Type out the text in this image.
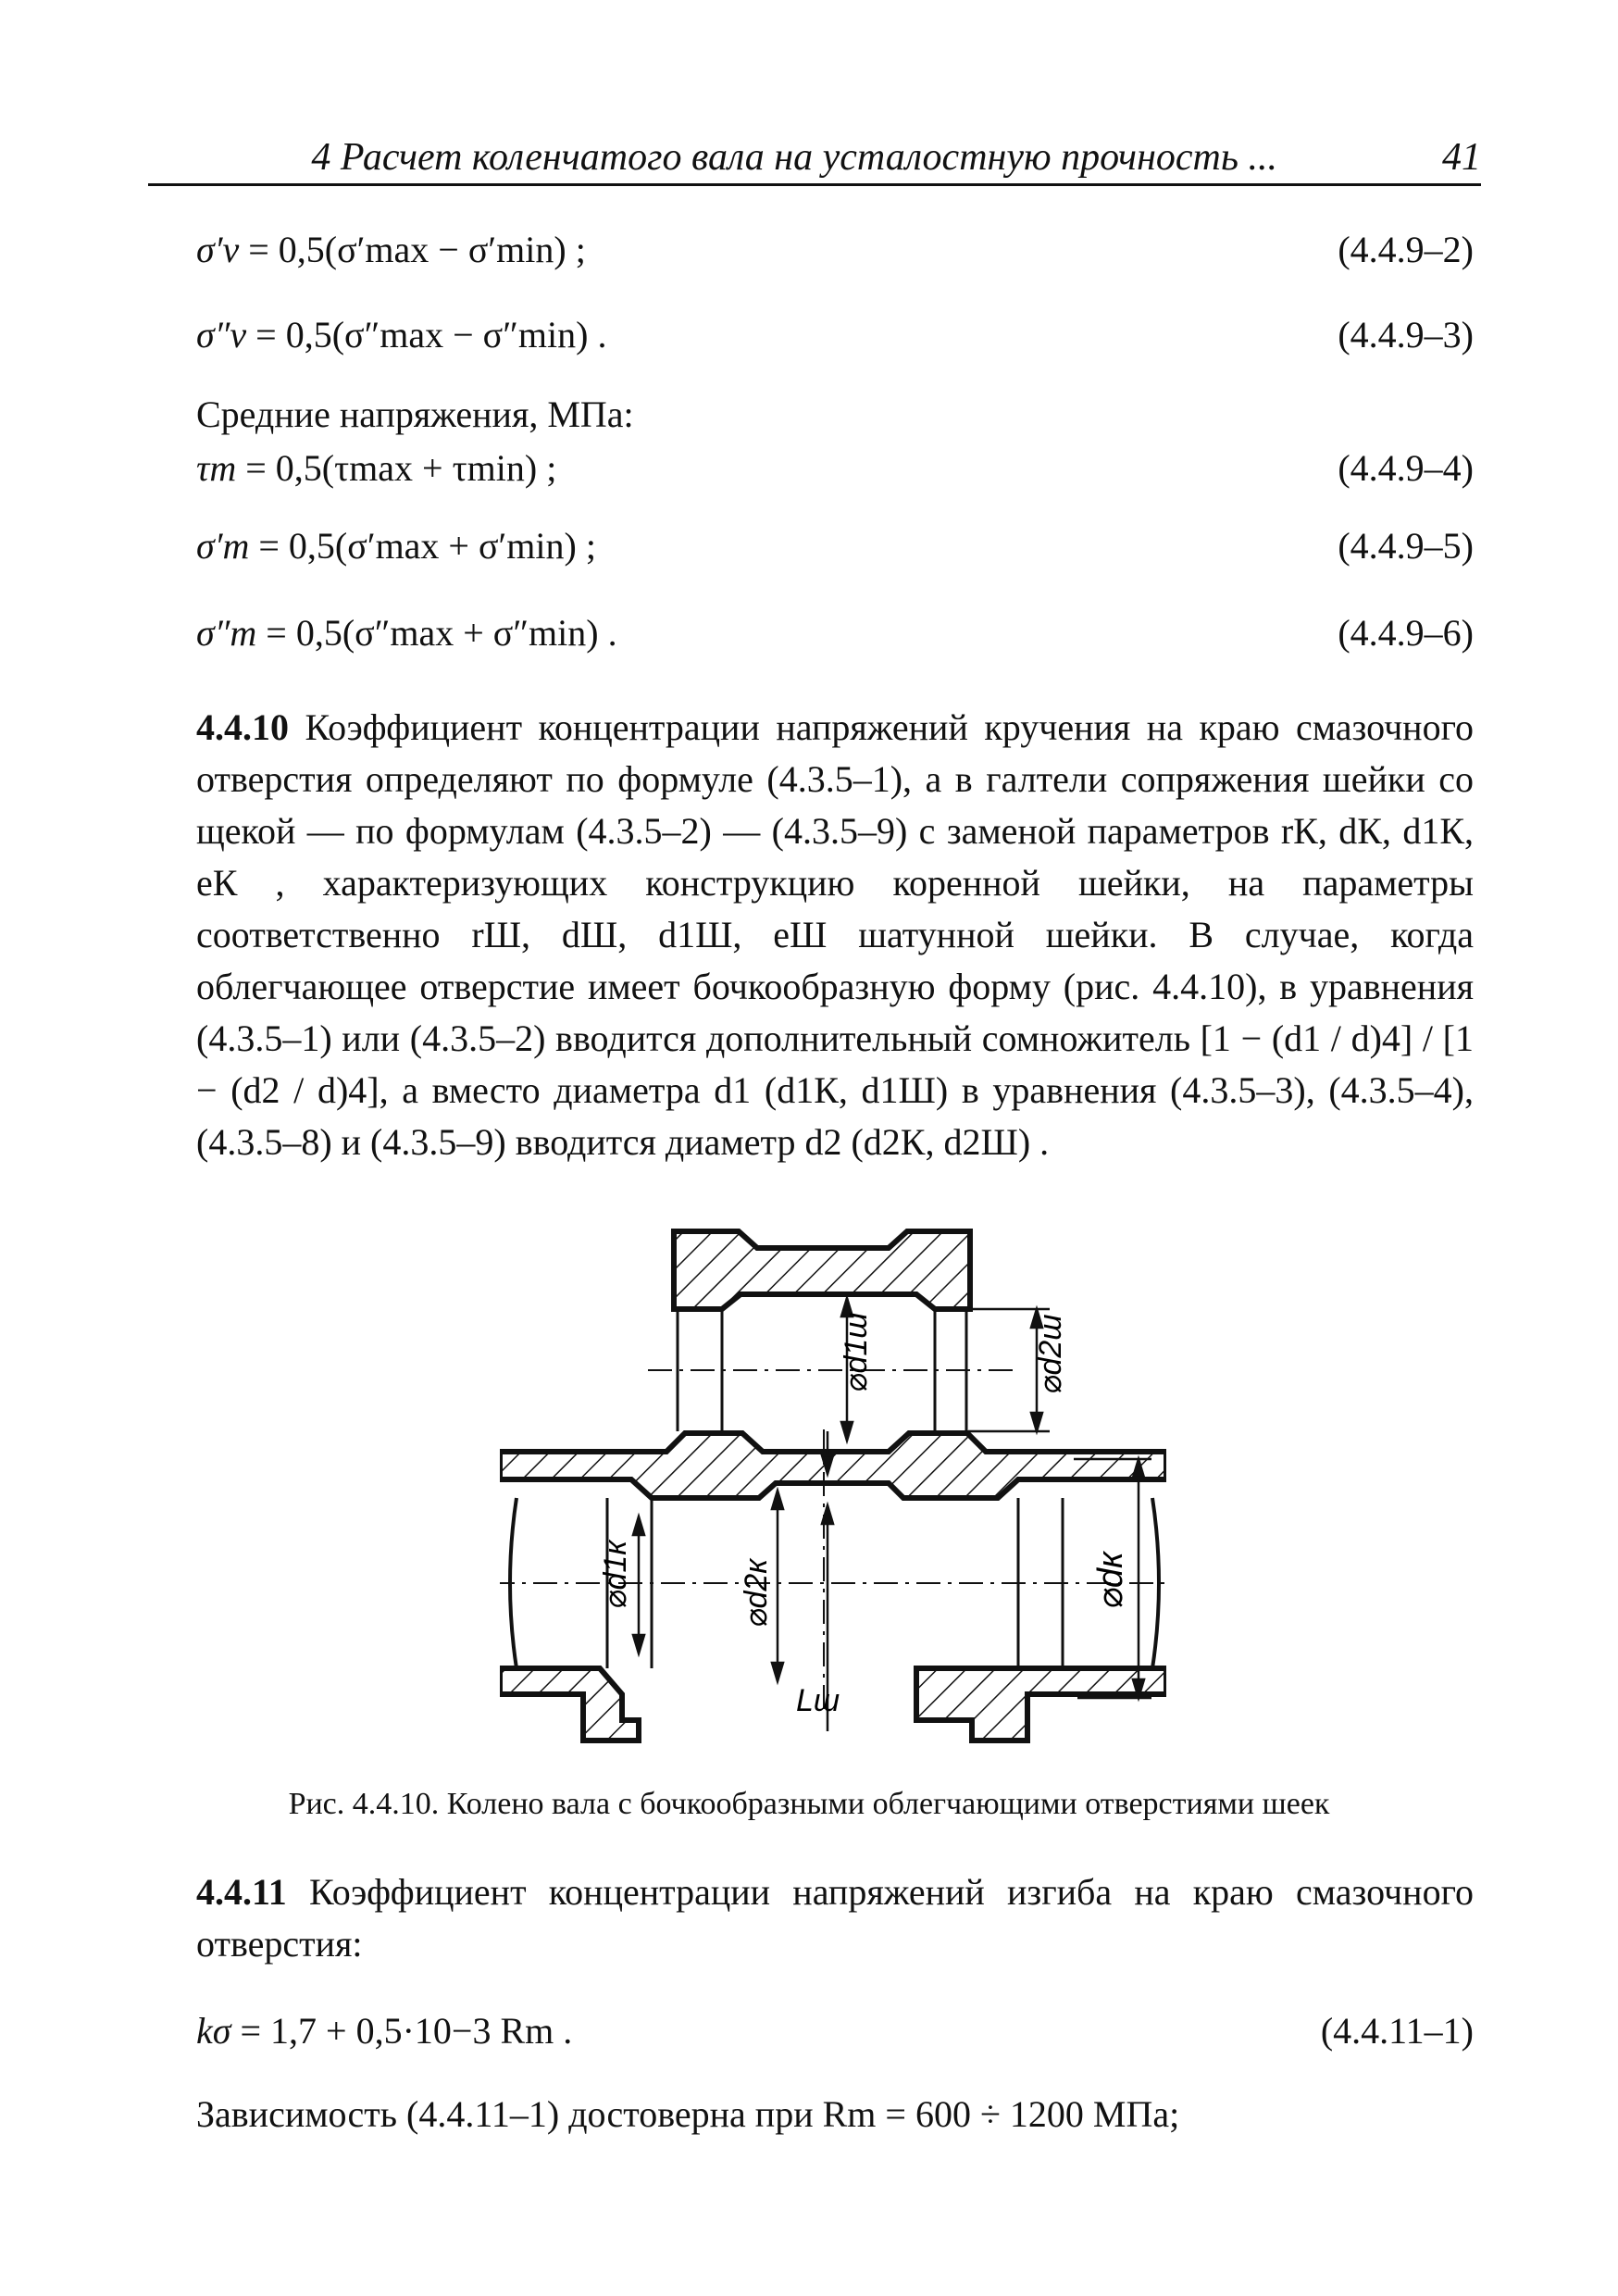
4 Расчет коленчатого вала на усталостную прочность ...	41
σ′v = 0,5(σ′max − σ′min) ;	(4.4.9–2)
σ″v = 0,5(σ″max − σ″min) .	(4.4.9–3)
Средние напряжения, МПа:
τm = 0,5(τmax + τmin) ;	(4.4.9–4)
σ′m = 0,5(σ′max + σ′min) ;	(4.4.9–5)
σ″m = 0,5(σ″max + σ″min) .	(4.4.9–6)
4.4.10 Коэффициент концентрации напряжений кручения на краю смазочного отверстия определяют по формуле (4.3.5–1), а в галтели сопряжения шейки со щекой — по формулам (4.3.5–2) — (4.3.5–9) с заменой параметров rК, dК, d1К, eК , характеризующих конструкцию коренной шейки, на параметры соответственно rШ, dШ, d1Ш, eШ шатунной шейки. В случае, когда облегчающее отверстие имеет бочкообразную форму (рис. 4.4.10), в уравнения (4.3.5–1) или (4.3.5–2) вводится дополнительный сомножитель [1 − (d1 / d)4] / [1 − (d2 / d)4], а вместо диаметра d1 (d1К, d1Ш) в уравнения (4.3.5–3), (4.3.5–4), (4.3.5–8) и (4.3.5–9) вводится диаметр d2 (d2К, d2Ш) .
⌀d1ш	⌀d2ш
⌀d1к	⌀d2к	⌀dк
Lш
Рис. 4.4.10. Колено вала с бочкообразными облегчающими отверстиями шеек
4.4.11 Коэффициент концентрации напряжений изгиба на краю смазочного отверстия:
kσ = 1,7 + 0,5·10−3 Rm .	(4.4.11–1)
Зависимость (4.4.11–1) достоверна при Rm = 600 ÷ 1200 МПа;
